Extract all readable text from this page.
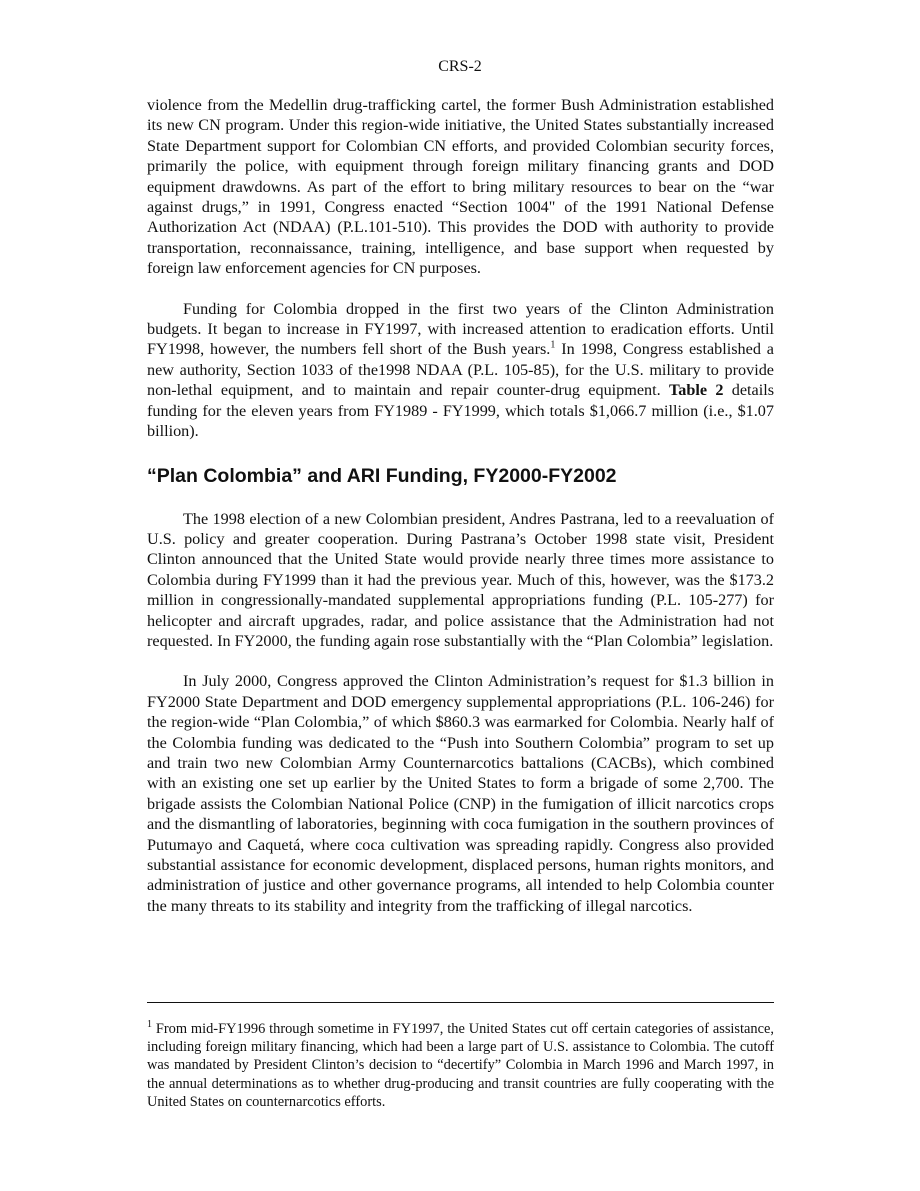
CRS-2

violence from the Medellin drug-trafficking cartel, the former Bush Administration established its new CN program. Under this region-wide initiative, the United States substantially increased State Department support for Colombian CN efforts, and provided Colombian security forces, primarily the police, with equipment through foreign military financing grants and DOD equipment drawdowns. As part of the effort to bring military resources to bear on the “war against drugs,” in 1991, Congress enacted “Section 1004" of the 1991 National Defense Authorization Act (NDAA) (P.L.101-510). This provides the DOD with authority to provide transportation, reconnaissance, training, intelligence, and base support when requested by foreign law enforcement agencies for CN purposes.

Funding for Colombia dropped in the first two years of the Clinton Administration budgets. It began to increase in FY1997, with increased attention to eradication efforts. Until FY1998, however, the numbers fell short of the Bush years.$^1$ In 1998, Congress established a new authority, Section 1033 of the1998 NDAA (P.L. 105-85), for the U.S. military to provide non-lethal equipment, and to maintain and repair counter-drug equipment. Table 2 details funding for the eleven years from FY1989 - FY1999, which totals $1,066.7 million (i.e., $1.07 billion).

“Plan Colombia” and ARI Funding, FY2000-FY2002

The 1998 election of a new Colombian president, Andres Pastrana, led to a reevaluation of U.S. policy and greater cooperation. During Pastrana’s October 1998 state visit, President Clinton announced that the United State would provide nearly three times more assistance to Colombia during FY1999 than it had the previous year. Much of this, however, was the $173.2 million in congressionally-mandated supplemental appropriations funding (P.L. 105-277) for helicopter and aircraft upgrades, radar, and police assistance that the Administration had not requested. In FY2000, the funding again rose substantially with the “Plan Colombia” legislation.

In July 2000, Congress approved the Clinton Administration’s request for $1.3 billion in FY2000 State Department and DOD emergency supplemental appropriations (P.L. 106-246) for the region-wide “Plan Colombia,” of which $860.3 was earmarked for Colombia. Nearly half of the Colombia funding was dedicated to the “Push into Southern Colombia” program to set up and train two new Colombian Army Counternarcotics battalions (CACBs), which combined with an existing one set up earlier by the United States to form a brigade of some 2,700. The brigade assists the Colombian National Police (CNP) in the fumigation of illicit narcotics crops and the dismantling of laboratories, beginning with coca fumigation in the southern provinces of Putumayo and Caquetá, where coca cultivation was spreading rapidly. Congress also provided substantial assistance for economic development, displaced persons, human rights monitors, and administration of justice and other governance programs, all intended to help Colombia counter the many threats to its stability and integrity from the trafficking of illegal narcotics.

$^1$ From mid-FY1996 through sometime in FY1997, the United States cut off certain categories of assistance, including foreign military financing, which had been a large part of U.S. assistance to Colombia. The cutoff was mandated by President Clinton’s decision to “decertify” Colombia in March 1996 and March 1997, in the annual determinations as to whether drug-producing and transit countries are fully cooperating with the United States on counternarcotics efforts.
